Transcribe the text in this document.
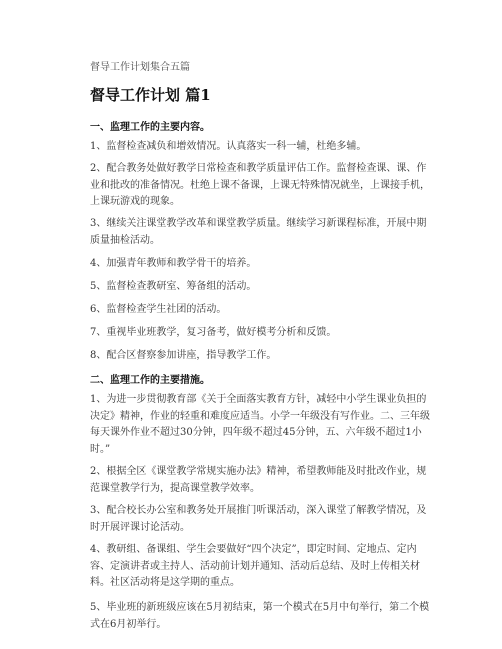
督导工作计划集合五篇
督导工作计划 篇1
一、监理工作的主要内容。

1、监督检查减负和增效情况。认真落实一科一辅，杜绝多辅。

2、配合教务处做好教学日常检查和教学质量评估工作。监督检查课、课、作业和批改的准备情况。杜绝上课不备课，上课无特殊情况就坐，上课接手机，上课玩游戏的现象。

3、继续关注课堂教学改革和课堂教学质量。继续学习新课程标准，开展中期质量抽检活动。

4、加强青年教师和教学骨干的培养。

5、监督检查教研室、筹备组的活动。

6、监督检查学生社团的活动。

7、重视毕业班教学，复习备考，做好模考分析和反馈。

8、配合区督察参加讲座，指导教学工作。

二、监理工作的主要措施。

1、为进一步贯彻教育部《关于全面落实教育方针，减轻中小学生课业负担的决定》精神，作业的轻重和难度应适当。小学一年级没有写作业。二、三年级每天课外作业不超过30分钟，四年级不超过45分钟，五、六年级不超过1小时。”

2、根据全区《课堂教学常规实施办法》精神，希望教师能及时批改作业，规范课堂教学行为，提高课堂教学效率。

3、配合校长办公室和教务处开展推门听课活动，深入课堂了解教学情况，及时开展评课讨论活动。

4、教研组、备课组、学生会要做好“四个决定”，即定时间、定地点、定内容、定演讲者或主持人、活动前计划并通知、活动后总结、及时上传相关材料。社区活动将是这学期的重点。

5、毕业班的新班级应该在5月初结束，第一个模式在5月中旬举行，第二个模式在6月初举行。
